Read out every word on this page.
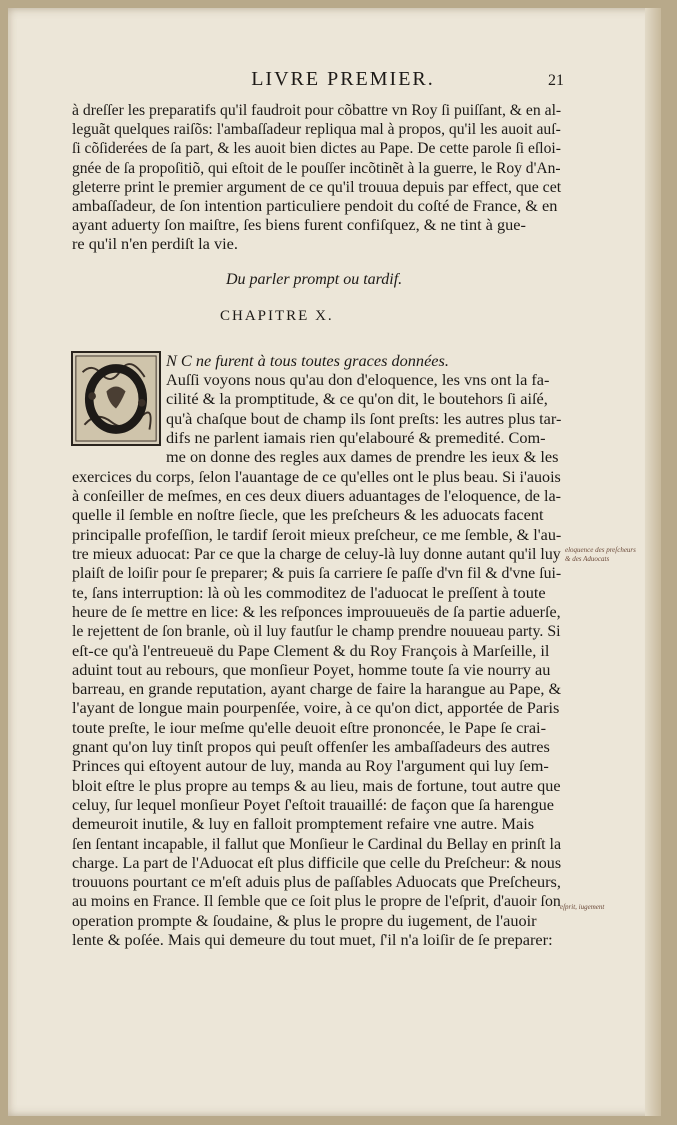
LIVRE PREMIER.	21
à dreſſer les preparatifs qu'il faudroit pour cõbattre vn Roy ſi puiſſant, & en al-
leguãt quelques raiſõs: l'ambaſſadeur repliqua mal à propos, qu'il les auoit auſ-
ſi cõſiderées de ſa part, & les auoit bien dictes au Pape. De cette parole ſi eſloi-
gnée de ſa propoſitiõ, qui eſtoit de le pouſſer incõtinẽt à la guerre, le Roy d'An-
gleterre print le premier argument de ce qu'il trouua depuis par effect, que cet
ambaſſadeur, de ſon intention particuliere pendoit du coſté de France, & en
ayant aduerty ſon maiſtre, ſes biens furent confiſquez, & ne tint à gue-
re qu'il n'en perdiſt la vie.
Du parler prompt ou tardif.
CHAPITRE X.
N C ne furent à tous toutes graces données.
Auſſi voyons nous qu'au don d'eloquence, les vns ont la fa-
cilité & la promptitude, & ce qu'on dit, le boutehors ſi aiſé,
qu'à chaſque bout de champ ils ſont preſts: les autres plus tar-
difs ne parlent iamais rien qu'elabouré & premedité. Com-
me on donne des regles aux dames de prendre les ieux & les
exercices du corps, ſelon l'auantage de ce qu'elles ont le plus beau. Si i'auois
à conſeiller de meſmes, en ces deux diuers aduantages de l'eloquence, de la-
quelle il ſemble en noſtre ſiecle, que les preſcheurs & les aduocats facent
principalle profeſſion, le tardif ſeroit mieux preſcheur, ce me ſemble, & l'au-
tre mieux aduocat: Par ce que la charge de celuy-là luy donne autant qu'il luy
plaiſt de loiſir pour ſe preparer; & puis ſa carriere ſe paſſe d'vn fil & d'vne ſui-
te, ſans interruption: là où les commoditez de l'aduocat le preſſent à toute
heure de ſe mettre en lice: & les reſponces improuueuës de ſa partie aduerſe,
le rejettent de ſon branle, où il luy fautſur le champ prendre nouueau party. Si
eſt-ce qu'à l'entreueuë du Pape Clement & du Roy François à Marſeille, il
aduint tout au rebours, que monſieur Poyet, homme toute ſa vie nourry au
barreau, en grande reputation, ayant charge de faire la harangue au Pape, &
l'ayant de longue main pourpenſée, voire, à ce qu'on dict, apportée de Paris
toute preſte, le iour meſme qu'elle deuoit eſtre prononcée, le Pape ſe crai-
gnant qu'on luy tinſt propos qui peuſt offenſer les ambaſſadeurs des autres
Princes qui eſtoyent autour de luy, manda au Roy l'argument qui luy ſem-
bloit eſtre le plus propre au temps & au lieu, mais de fortune, tout autre que
celuy, ſur lequel monſieur Poyet ſ'eſtoit trauaillé: de façon que ſa harengue
demeuroit inutile, & luy en falloit promptement refaire vne autre. Mais
ſen ſentant incapable, il fallut que Monſieur le Cardinal du Bellay en prinſt la
charge. La part de l'Aduocat eſt plus difficile que celle du Preſcheur: & nous
trouuons pourtant ce m'eſt aduis plus de paſſables Aduocats que Preſcheurs,
au moins en France. Il ſemble que ce ſoit plus le propre de l'eſprit, d'auoir ſon
operation prompte & ſoudaine, & plus le propre du iugement, de l'auoir
lente & poſée. Mais qui demeure du tout muet, ſ'il n'a loiſir de ſe preparer:
eloquence des preſcheurs
& des Aduocats
eſprit, iugement
